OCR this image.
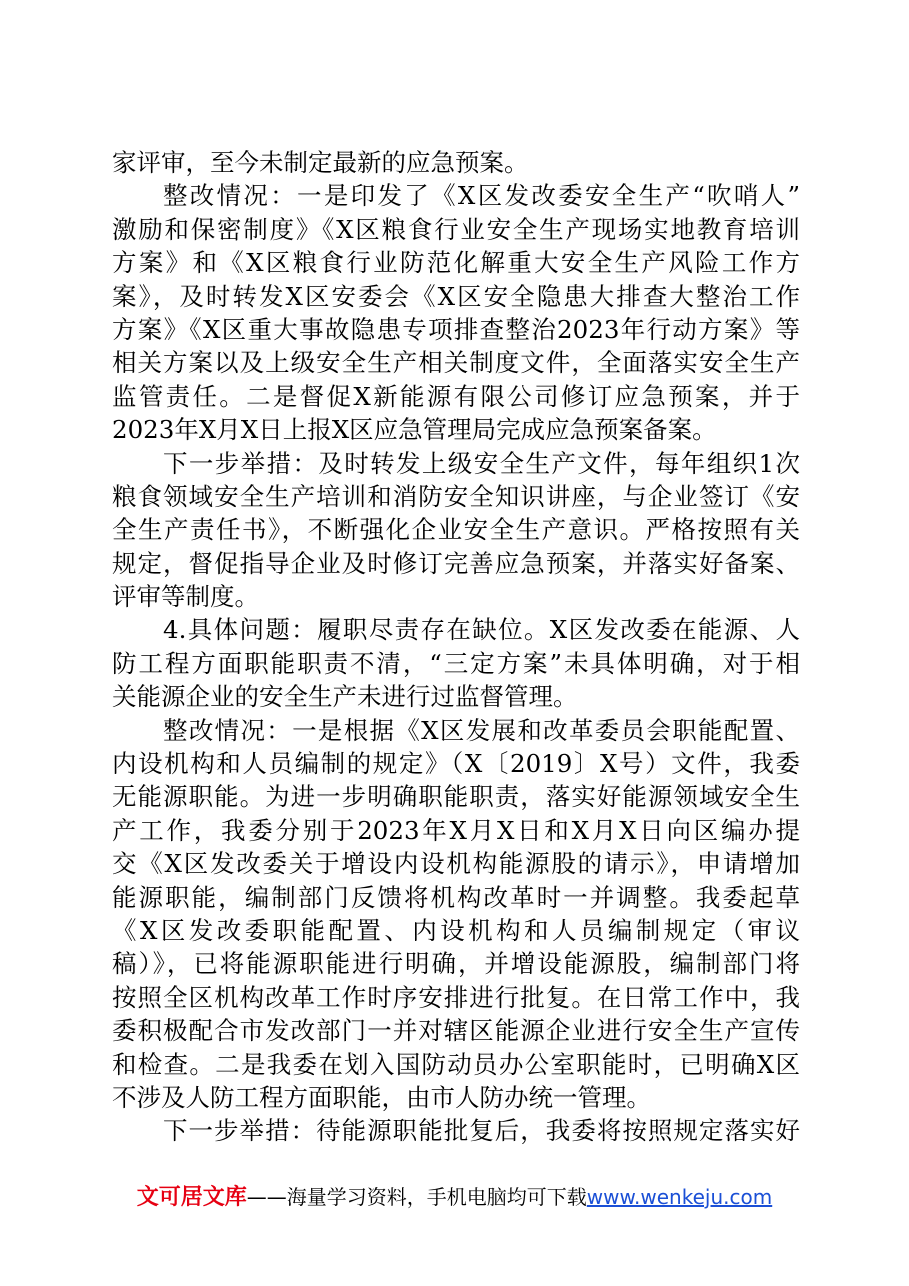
家评审，至今未制定最新的应急预案。
整改情况：一是印发了《X区发改委安全生产“吹哨人”
激励和保密制度》《X区粮食行业安全生产现场实地教育培训
方案》和《X区粮食行业防范化解重大安全生产风险工作方
案》，及时转发X区安委会《X区安全隐患大排查大整治工作
方案》《X区重大事故隐患专项排查整治2023年行动方案》等
相关方案以及上级安全生产相关制度文件，全面落实安全生产
监管责任。二是督促X新能源有限公司修订应急预案，并于
2023年X月X日上报X区应急管理局完成应急预案备案。
下一步举措：及时转发上级安全生产文件，每年组织1次
粮食领域安全生产培训和消防安全知识讲座，与企业签订《安
全生产责任书》，不断强化企业安全生产意识。严格按照有关
规定，督促指导企业及时修订完善应急预案，并落实好备案、
评审等制度。
4.具体问题：履职尽责存在缺位。X区发改委在能源、人
防工程方面职能职责不清，“三定方案”未具体明确，对于相
关能源企业的安全生产未进行过监督管理。
整改情况：一是根据《X区发展和改革委员会职能配置、
内设机构和人员编制的规定》（X〔2019〕X号）文件，我委
无能源职能。为进一步明确职能职责，落实好能源领域安全生
产工作，我委分别于2023年X月X日和X月X日向区编办提
交《X区发改委关于增设内设机构能源股的请示》，申请增加
能源职能，编制部门反馈将机构改革时一并调整。我委起草
《X区发改委职能配置、内设机构和人员编制规定（审议
稿）》，已将能源职能进行明确，并增设能源股，编制部门将
按照全区机构改革工作时序安排进行批复。在日常工作中，我
委积极配合市发改部门一并对辖区能源企业进行安全生产宣传
和检查。二是我委在划入国防动员办公室职能时，已明确X区
不涉及人防工程方面职能，由市人防办统一管理。
下一步举措：待能源职能批复后，我委将按照规定落实好
文可居文库——海量学习资料，手机电脑均可下载www.wenkeju.com
